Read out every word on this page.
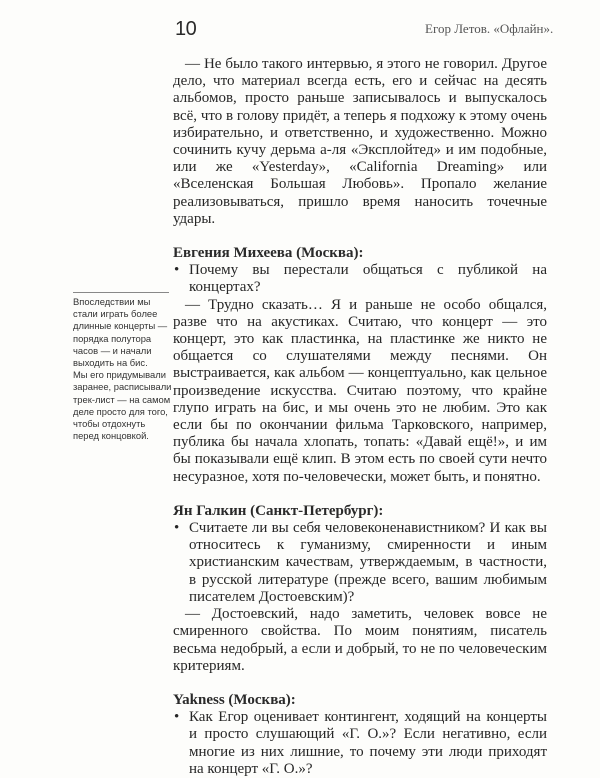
10	Егор Летов. «Офлайн».

— Не было такого интервью, я этого не говорил. Другое дело, что материал всегда есть, его и сейчас на десять альбомов, просто раньше записывалось и выпускалось всё, что в голову придёт, а теперь я подхожу к этому очень избирательно, и ответственно, и художественно. Можно сочинить кучу дерьма а-ля «Эксплойтед» и им подобные, или же «Yesterday», «California Dreaming» или «Вселенская Большая Любовь». Пропало желание реализовываться, пришло время наносить точечные удары.

Евгения Михеева (Москва):

• Почему вы перестали общаться с публикой на концертах?

— Трудно сказать… Я и раньше не особо общался, разве что на акустиках. Считаю, что концерт — это концерт, это как пластинка, на пластинке же никто не общается со слушателями между песнями. Он выстраивается, как альбом — концептуально, как цельное произведение искусства. Считаю поэтому, что крайне глупо играть на бис, и мы очень это не любим. Это как если бы по окончании фильма Тарковского, например, публика бы начала хлопать, топать: «Давай ещё!», и им бы показывали ещё клип. В этом есть по своей сути нечто несуразное, хотя по-человечески, может быть, и понятно.

Ян Галкин (Санкт-Петербург):

• Считаете ли вы себя человеконенавистником? И как вы относитесь к гуманизму, смиренности и иным христианским качествам, утверждаемым, в частности, в русской литературе (прежде всего, вашим любимым писателем Достоевским)?

— Достоевский, надо заметить, человек вовсе не смиренного свойства. По моим понятиям, писатель весьма недобрый, а если и добрый, то не по человеческим критериям.

Yakness (Москва):

• Как Егор оценивает контингент, ходящий на концерты и просто слушающий «Г. О.»? Если негативно, если многие из них лишние, то почему эти люди приходят на концерт «Г. О.»?

Впоследствии мы
стали играть более
длинные концерты —
порядка полутора
часов — и начали
выходить на бис.
Мы его придумывали
заранее, расписывали
трек-лист — на самом
деле просто для того,
чтобы отдохнуть
перед концовкой.
